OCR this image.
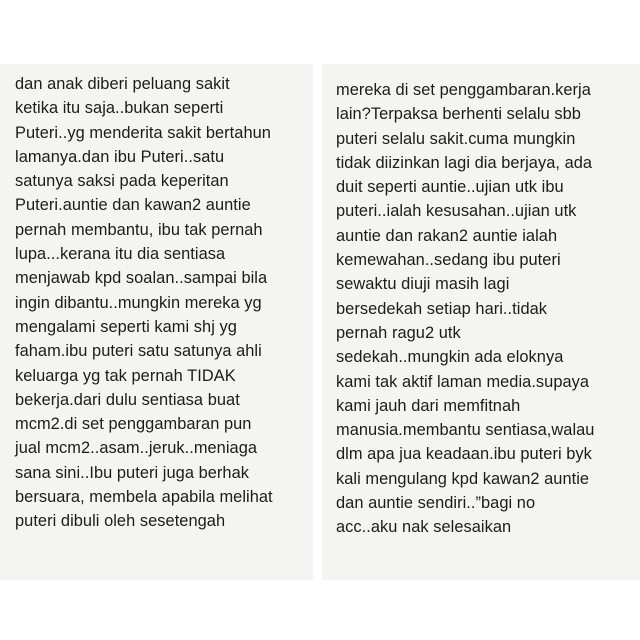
dan anak diberi peluang sakit
ketika itu saja..bukan seperti
Puteri..yg menderita sakit bertahun
lamanya.dan ibu Puteri..satu
satunya saksi pada keperitan
Puteri.auntie dan kawan2 auntie
pernah membantu, ibu tak pernah
lupa...kerana itu dia sentiasa
menjawab kpd soalan..sampai bila
ingin dibantu..mungkin mereka yg
mengalami seperti kami shj yg
faham.ibu puteri satu satunya ahli
keluarga yg tak pernah TIDAK
bekerja.dari dulu sentiasa buat
mcm2.di set penggambaran pun
jual mcm2..asam..jeruk..meniaga
sana sini..Ibu puteri juga berhak
bersuara, membela apabila melihat
puteri dibuli oleh sesetengah
mereka di set penggambaran.kerja
lain?Terpaksa berhenti selalu sbb
puteri selalu sakit.cuma mungkin
tidak diizinkan lagi dia berjaya, ada
duit seperti auntie..ujian utk ibu
puteri..ialah kesusahan..ujian utk
auntie dan rakan2 auntie ialah
kemewahan..sedang ibu puteri
sewaktu diuji masih lagi
bersedekah setiap hari..tidak
pernah ragu2 utk
sedekah..mungkin ada eloknya
kami tak aktif laman media.supaya
kami jauh dari memfitnah
manusia.membantu sentiasa,walau
dlm apa jua keadaan.ibu puteri byk
kali mengulang kpd kawan2 auntie
dan auntie sendiri..”bagi no
acc..aku nak selesaikan
